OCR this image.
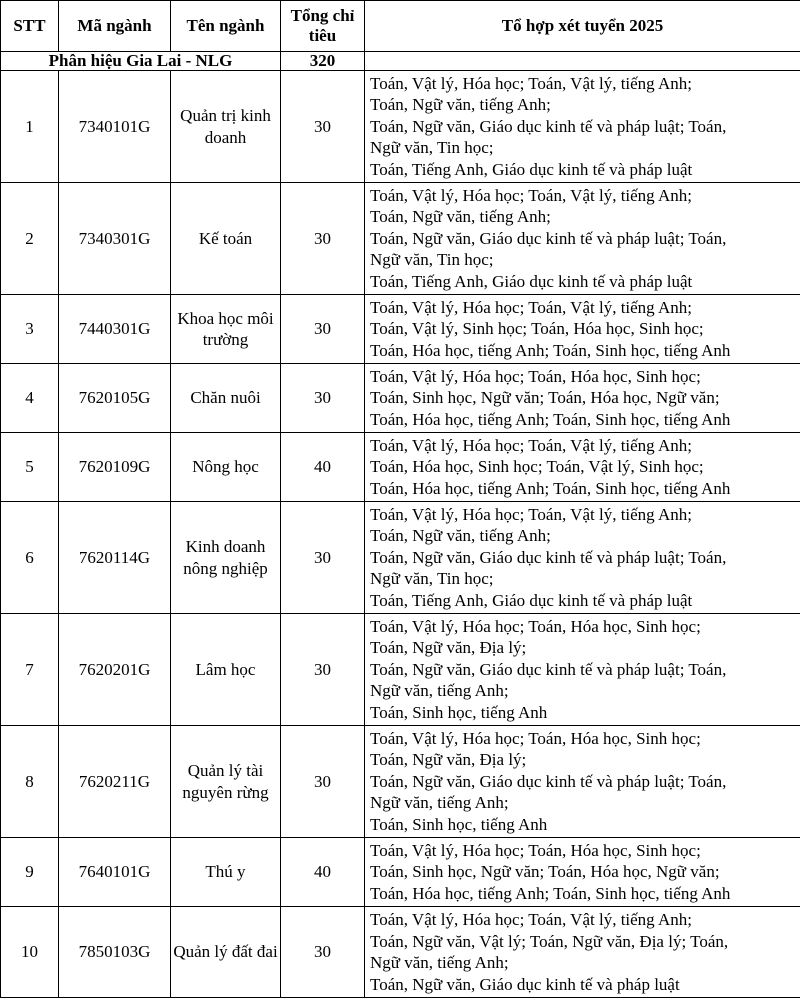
STT	Mã ngành	Tên ngành	Tổng chỉ tiêu	Tổ hợp xét tuyển 2025
Phân hiệu Gia Lai - NLG			320	
1	7340101G	Quản trị kinh doanh	30	Toán, Vật lý, Hóa học; Toán, Vật lý, tiếng Anh;
Toán, Ngữ văn, tiếng Anh;
Toán, Ngữ văn, Giáo dục kinh tế và pháp luật; Toán,
Ngữ văn, Tin học;
Toán, Tiếng Anh, Giáo dục kinh tế và pháp luật
2	7340301G	Kế toán	30	Toán, Vật lý, Hóa học; Toán, Vật lý, tiếng Anh;
Toán, Ngữ văn, tiếng Anh;
Toán, Ngữ văn, Giáo dục kinh tế và pháp luật; Toán,
Ngữ văn, Tin học;
Toán, Tiếng Anh, Giáo dục kinh tế và pháp luật
3	7440301G	Khoa học môi trường	30	Toán, Vật lý, Hóa học; Toán, Vật lý, tiếng Anh;
Toán, Vật lý, Sinh học; Toán, Hóa học, Sinh học;
Toán, Hóa học, tiếng Anh; Toán, Sinh học, tiếng Anh
4	7620105G	Chăn nuôi	30	Toán, Vật lý, Hóa học; Toán, Hóa học, Sinh học;
Toán, Sinh học, Ngữ văn; Toán, Hóa học, Ngữ văn;
Toán, Hóa học, tiếng Anh; Toán, Sinh học, tiếng Anh
5	7620109G	Nông học	40	Toán, Vật lý, Hóa học; Toán, Vật lý, tiếng Anh;
Toán, Hóa học, Sinh học; Toán, Vật lý, Sinh học;
Toán, Hóa học, tiếng Anh; Toán, Sinh học, tiếng Anh
6	7620114G	Kinh doanh nông nghiệp	30	Toán, Vật lý, Hóa học; Toán, Vật lý, tiếng Anh;
Toán, Ngữ văn, tiếng Anh;
Toán, Ngữ văn, Giáo dục kinh tế và pháp luật; Toán,
Ngữ văn, Tin học;
Toán, Tiếng Anh, Giáo dục kinh tế và pháp luật
7	7620201G	Lâm học	30	Toán, Vật lý, Hóa học; Toán, Hóa học, Sinh học;
Toán, Ngữ văn, Địa lý;
Toán, Ngữ văn, Giáo dục kinh tế và pháp luật; Toán,
Ngữ văn, tiếng Anh;
Toán, Sinh học, tiếng Anh
8	7620211G	Quản lý tài nguyên rừng	30	Toán, Vật lý, Hóa học; Toán, Hóa học, Sinh học;
Toán, Ngữ văn, Địa lý;
Toán, Ngữ văn, Giáo dục kinh tế và pháp luật; Toán,
Ngữ văn, tiếng Anh;
Toán, Sinh học, tiếng Anh
9	7640101G	Thú y	40	Toán, Vật lý, Hóa học; Toán, Hóa học, Sinh học;
Toán, Sinh học, Ngữ văn; Toán, Hóa học, Ngữ văn;
Toán, Hóa học, tiếng Anh; Toán, Sinh học, tiếng Anh
10	7850103G	Quản lý đất đai	30	Toán, Vật lý, Hóa học; Toán, Vật lý, tiếng Anh;
Toán, Ngữ văn, Vật lý; Toán, Ngữ văn, Địa lý; Toán,
Ngữ văn, tiếng Anh;
Toán, Ngữ văn, Giáo dục kinh tế và pháp luật
